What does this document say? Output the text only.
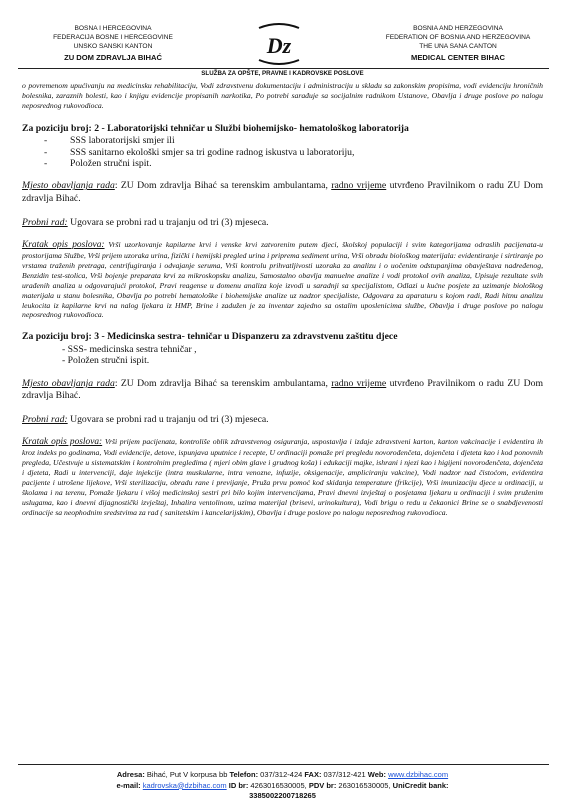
BOSNA I HERCEGOVINA
FEDERACIJA BOSNE I HERCEGOVINE
UNSKO SANSKI KANTON
ZU DOM ZDRAVLJA BIHAĆ	Dz
BOSNIA AND HERZEGOVINA
FEDERATION OF BOSNIA AND HERZEGOVINA
THE UNA SANA CANTON
MEDICAL CENTER BIHAC
SLUŽBA ZA OPŠTE, PRAVNE I KADROVSKE POSLOVE

o povremenom upućivanju na medicinsku rehabilitaciju, Vodi zdravstvenu dokumentaciju i administraciju u skladu sa zakonskim propisima, vodi evidenciju hroničnih bolesnika, zaraznih bolesti, kao i knjigu evidencije propisanih narkotika, Po potrebi sarađuje sa socijalnim radnikom Ustanove, Obavlja i druge poslove po nalogu neposrednog rukovodioca.

Za poziciju broj: 2 - Laboratorijski tehničar u Službi biohemijsko- hematološkog laboratorija

- SSS laboratorijski smjer ili
- SSS sanitarno ekološki smjer sa tri godine radnog iskustva u laboratoriju,
- Položen stručni ispit.

Mjesto obavljanja rada: ZU Dom zdravlja Bihać sa terenskim ambulantama, radno vrijeme utvrđeno Pravilnikom o radu ZU Dom zdravlja Bihać.

Probni rad: Ugovara se probni rad u trajanju od tri (3) mjeseca.

Kratak opis poslova: Vrši uzorkovanje kapilarne krvi i venske krvi zatvorenim putem djeci, školskoj populaciji i svim kategorijama odraslih pacijenata-u prostorijama Službe, Vrši prijem uzoraka urina, fizički i hemijski pregled urina i priprema sediment urina, Vrši obradu biološkog materijala: evidentiranje i sirtiranje po vrstama traženih pretraga, centrifugiranja i odvajanje seruma, Vrši kontrolu prihvatljivosti uzoraka za analizu i o uočenim odstupanjima obavještava nadređenog, Benzidin test-stolica, Vrši bojenje preparata krvi za mikroskopsku analizu, Samostalno obavlja manuelne analize i vodi protokol ovih analiza, Upisuje rezultate svih urađenih analiza u odgovarajući protokol, Pravi reagense u domenu analiza koje izvodi u saradnji sa specijalistom, Odlazi u kućne posjete za uzimanje biološkog materijala u stanu bolesnika, Obavlja po potrebi hematološke i biohemijske analize uz nadzor specijaliste, Odgovara za aparaturu s kojom radi, Radi hitnu analizu leukocita iz kapilarne krvi na nalog ljekara iz HMP, Brine i zadužen je za inventar zajedno sa ostalim uposlenicima službe, Obavlja i druge poslove po nalogu neposrednog rukovodioca.

Za poziciju broj: 3 - Medicinska sestra- tehničar u Dispanzeru za zdravstvenu zaštitu djece

- SSS- medicinska sestra tehničar ,
- Položen stručni ispit.

Mjesto obavljanja rada: ZU Dom zdravlja Bihać sa terenskim ambulantama, radno vrijeme utvrđeno Pravilnikom o radu ZU Dom zdravlja Bihać.

Probni rad: Ugovara se probni rad u trajanju od tri (3) mjeseca.

Kratak opis poslova: Vrši prijem pacijenata, kontroliše oblik zdravstvenog osiguranja, uspostavlja i izdaje zdravstveni karton, karton vakcinacije i evidentira ih kroz indeks po godinama, Vodi evidencije, detove, ispunjava uputnice i recepte, U ordinaciji pomaže pri pregledu novorođenčeta, dojenčeta i djeteta kao i kod ponovnih pregleda, Učestvuje u sistematskim i kontrolnim pregledima ( mjeri obim glave i grudnog koša) i edukaciji majke, ishrani i njezi kao i higijeni novorođenčeta, dojenčeta i djeteta, Radi u intervenciji, daje injekcije (intra muskularne, intra venozne, infuzije, oksigenacije, ampliciranju vakcine), Vodi nadzor nad čistoćom, evidentira pacijente i utrošene lijekove, Vrši sterilizaciju, obradu rane i previjanje, Pruža prvu pomoć kod skidanja temperature (frikcije), Vrši imunizaciju djece u ordinaciji, u školama i na terenu, Pomaže ljekaru i višoj medicinskoj sestri pri bilo kojim intervencijama, Pravi dnevni izvještaj o posjetama ljekaru u ordinaciji i svim pruženim uslugama, kao i dnevni dijagnostički izvještaj, Inhalira ventolinom, uzima materijal (brisevi, urinokultura), Vodi brigu o redu u čekaonici Brine se o snabdjevenosti ordinacije sa neophodnim sredstvima za rad ( sanitetskim i kancelarijskim), Obavlja i druge poslove po nalogu neposrednog rukovodioca.

Adresa: Bihać, Put V korpusa bb Telefon: 037/312-424 FAX: 037/312-421 Web: www.dzbihac.com
e-mail: kadrovska@dzbihac.com ID br: 4263016530005, PDV br: 263016530005, UniCredit bank:
3385002200718265
